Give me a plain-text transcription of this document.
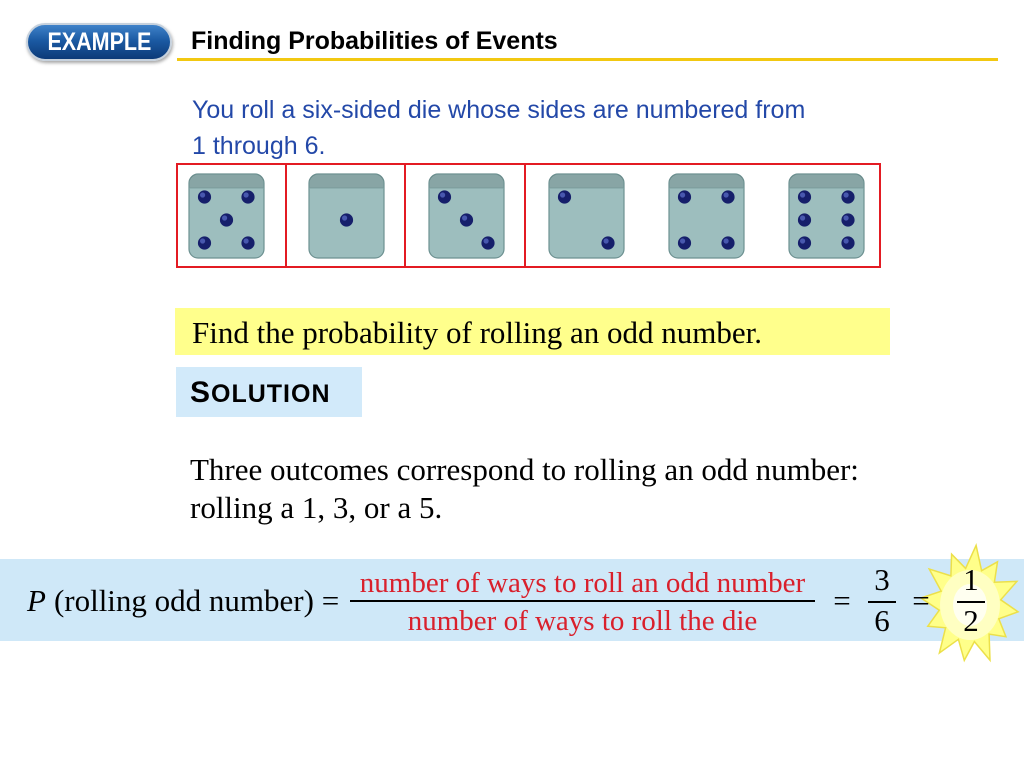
EXAMPLE Finding Probabilities of Events
You roll a six-sided die whose sides are numbered from
1 through 6.
Find the probability of rolling an odd number.
SOLUTION
Three outcomes correspond to rolling an odd number:
rolling a 1, 3, or a 5.
P (rolling odd number) = number of ways to roll an odd number
number of ways to roll the die
=
3
6
=
1
2
